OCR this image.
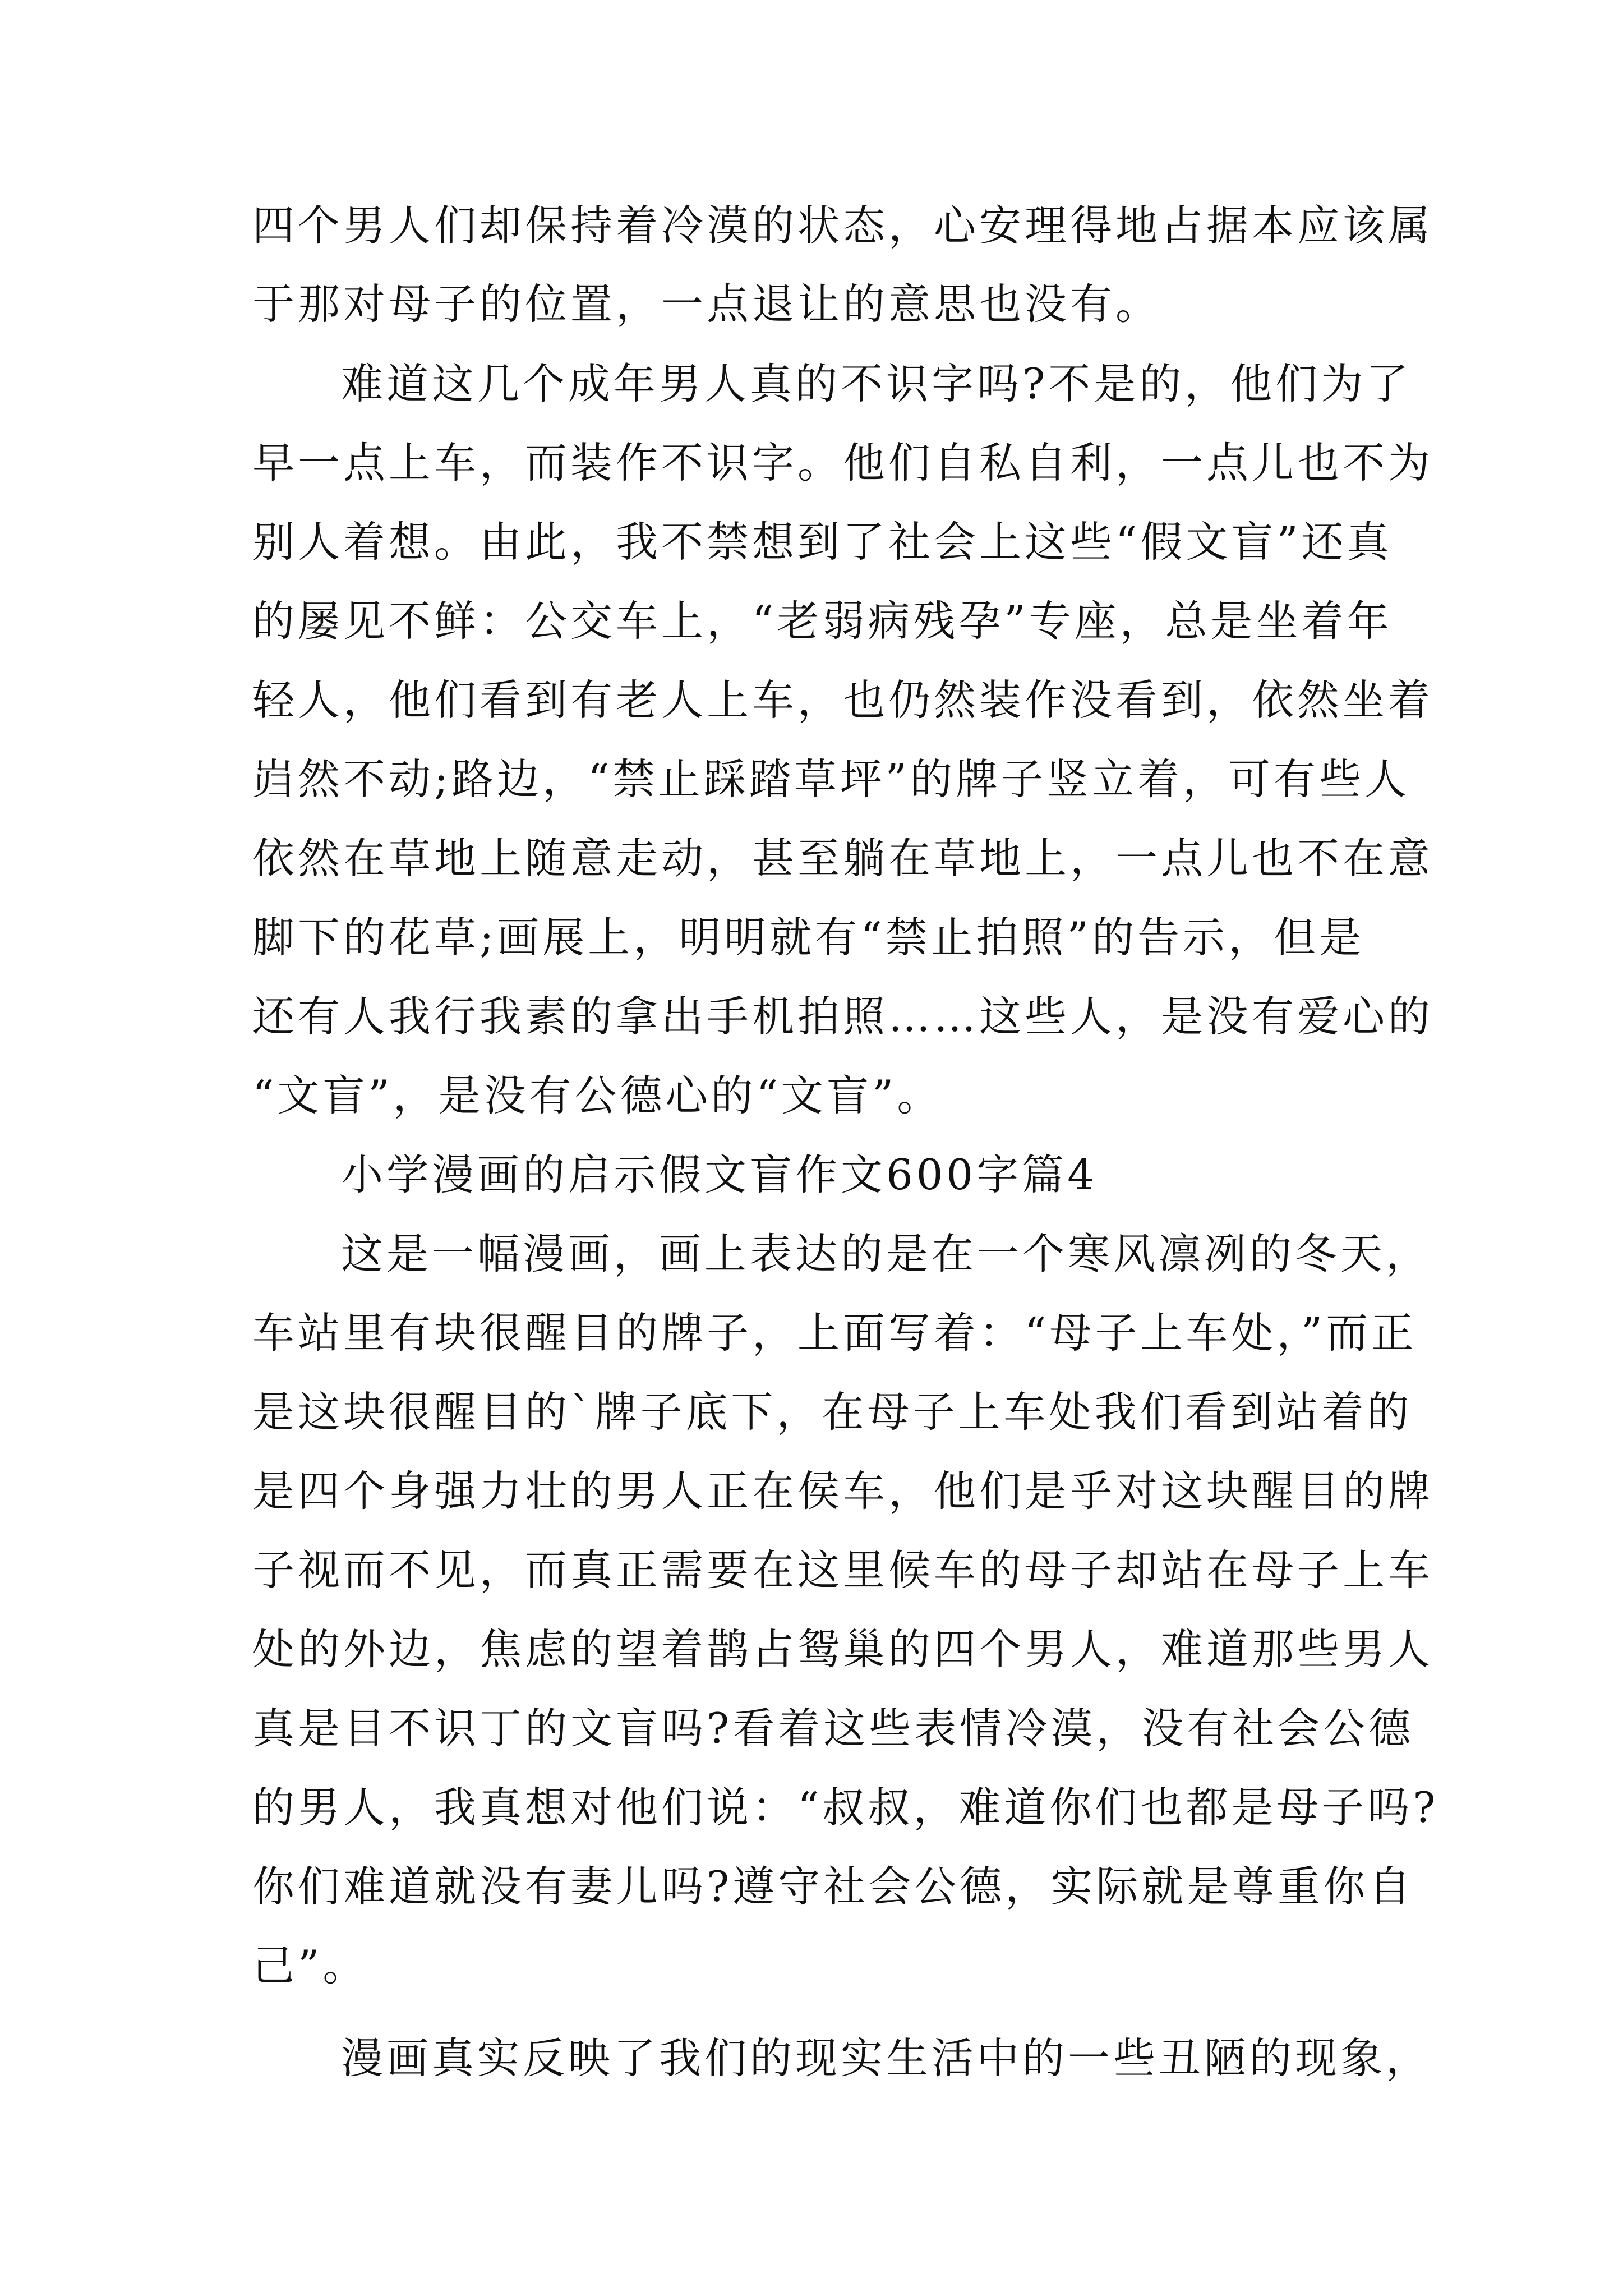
四个男人们却保持着冷漠的状态，心安理得地占据本应该属
于那对母子的位置，一点退让的意思也没有。
难道这几个成年男人真的不识字吗?不是的，他们为了
早一点上车，而装作不识字。他们自私自利，一点儿也不为
别人着想。由此，我不禁想到了社会上这些“假文盲”还真
的屡见不鲜：公交车上，“老弱病残孕”专座，总是坐着年
轻人，他们看到有老人上车，也仍然装作没看到，依然坐着
岿然不动;路边，“禁止踩踏草坪”的牌子竖立着，可有些人
依然在草地上随意走动，甚至躺在草地上，一点儿也不在意
脚下的花草;画展上，明明就有“禁止拍照”的告示，但是
还有人我行我素的拿出手机拍照……这些人，是没有爱心的
“文盲”，是没有公德心的“文盲”。
小学漫画的启示假文盲作文600字篇4
这是一幅漫画，画上表达的是在一个寒风凛冽的冬天，
车站里有块很醒目的牌子，上面写着：“母子上车处，”而正
是这块很醒目的`牌子底下，在母子上车处我们看到站着的
是四个身强力壮的男人正在侯车，他们是乎对这块醒目的牌
子视而不见，而真正需要在这里候车的母子却站在母子上车
处的外边，焦虑的望着鹊占鸳巢的四个男人，难道那些男人
真是目不识丁的文盲吗?看着这些表情冷漠，没有社会公德
的男人，我真想对他们说：“叔叔，难道你们也都是母子吗?
你们难道就没有妻儿吗?遵守社会公德，实际就是尊重你自
己”。
漫画真实反映了我们的现实生活中的一些丑陋的现象，
